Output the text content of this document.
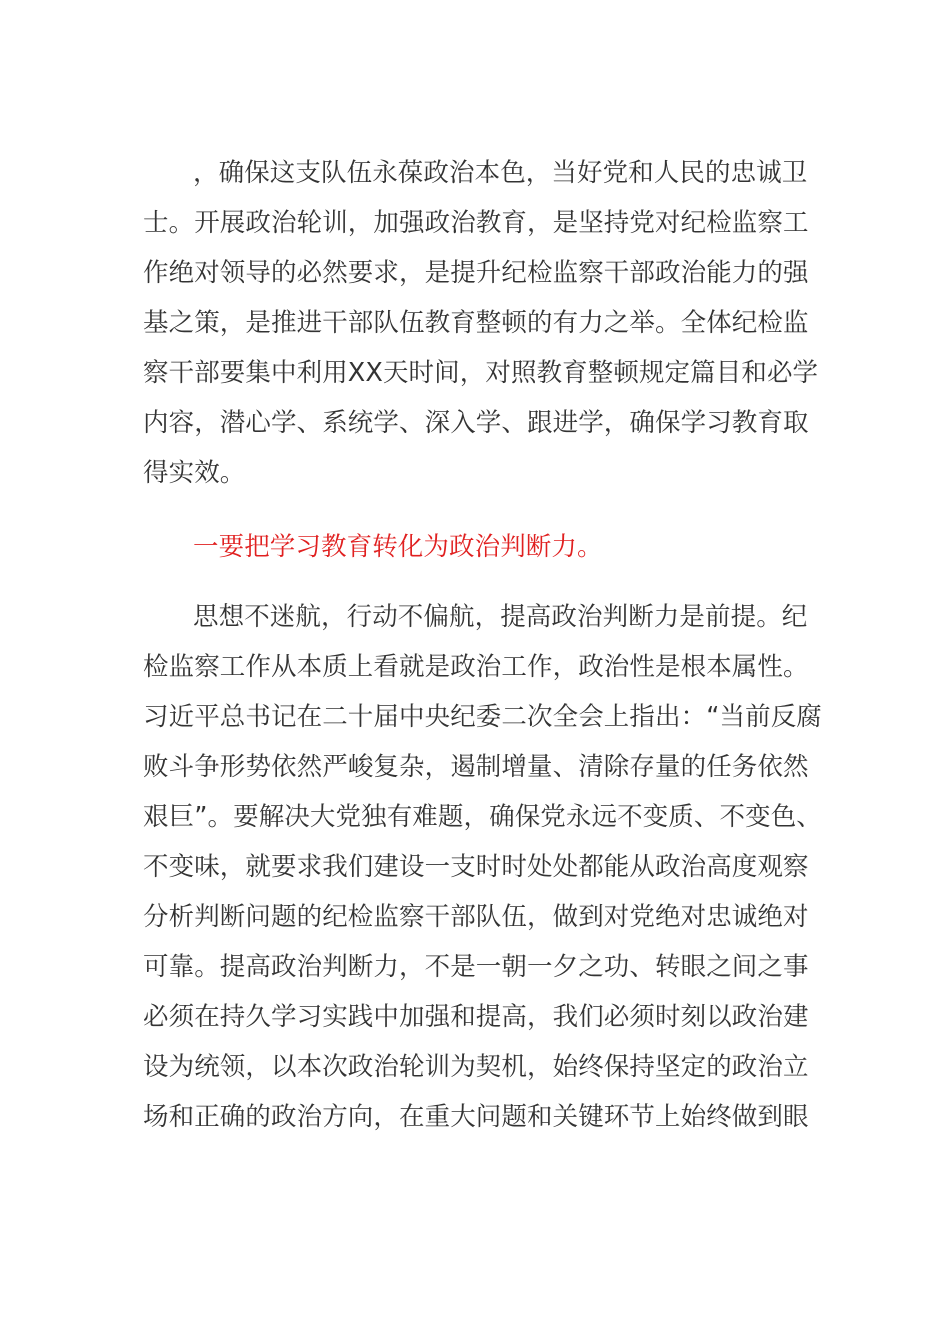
，确保这支队伍永葆政治本色，当好党和人民的忠诚卫
士。开展政治轮训，加强政治教育，是坚持党对纪检监察工
作绝对领导的必然要求，是提升纪检监察干部政治能力的强
基之策，是推进干部队伍教育整顿的有力之举。全体纪检监
察干部要集中利用XX天时间，对照教育整顿规定篇目和必学
内容，潜心学、系统学、深入学、跟进学，确保学习教育取
得实效。
一要把学习教育转化为政治判断力。
思想不迷航，行动不偏航，提高政治判断力是前提。纪
检监察工作从本质上看就是政治工作，政治性是根本属性。
习近平总书记在二十届中央纪委二次全会上指出：“当前反腐
败斗争形势依然严峻复杂，遏制增量、清除存量的任务依然
艰巨”。要解决大党独有难题，确保党永远不变质、不变色、
不变味，就要求我们建设一支时时处处都能从政治高度观察
分析判断问题的纪检监察干部队伍，做到对党绝对忠诚绝对
可靠。提高政治判断力，不是一朝一夕之功、转眼之间之事
必须在持久学习实践中加强和提高，我们必须时刻以政治建
设为统领，以本次政治轮训为契机，始终保持坚定的政治立
场和正确的政治方向，在重大问题和关键环节上始终做到眼
